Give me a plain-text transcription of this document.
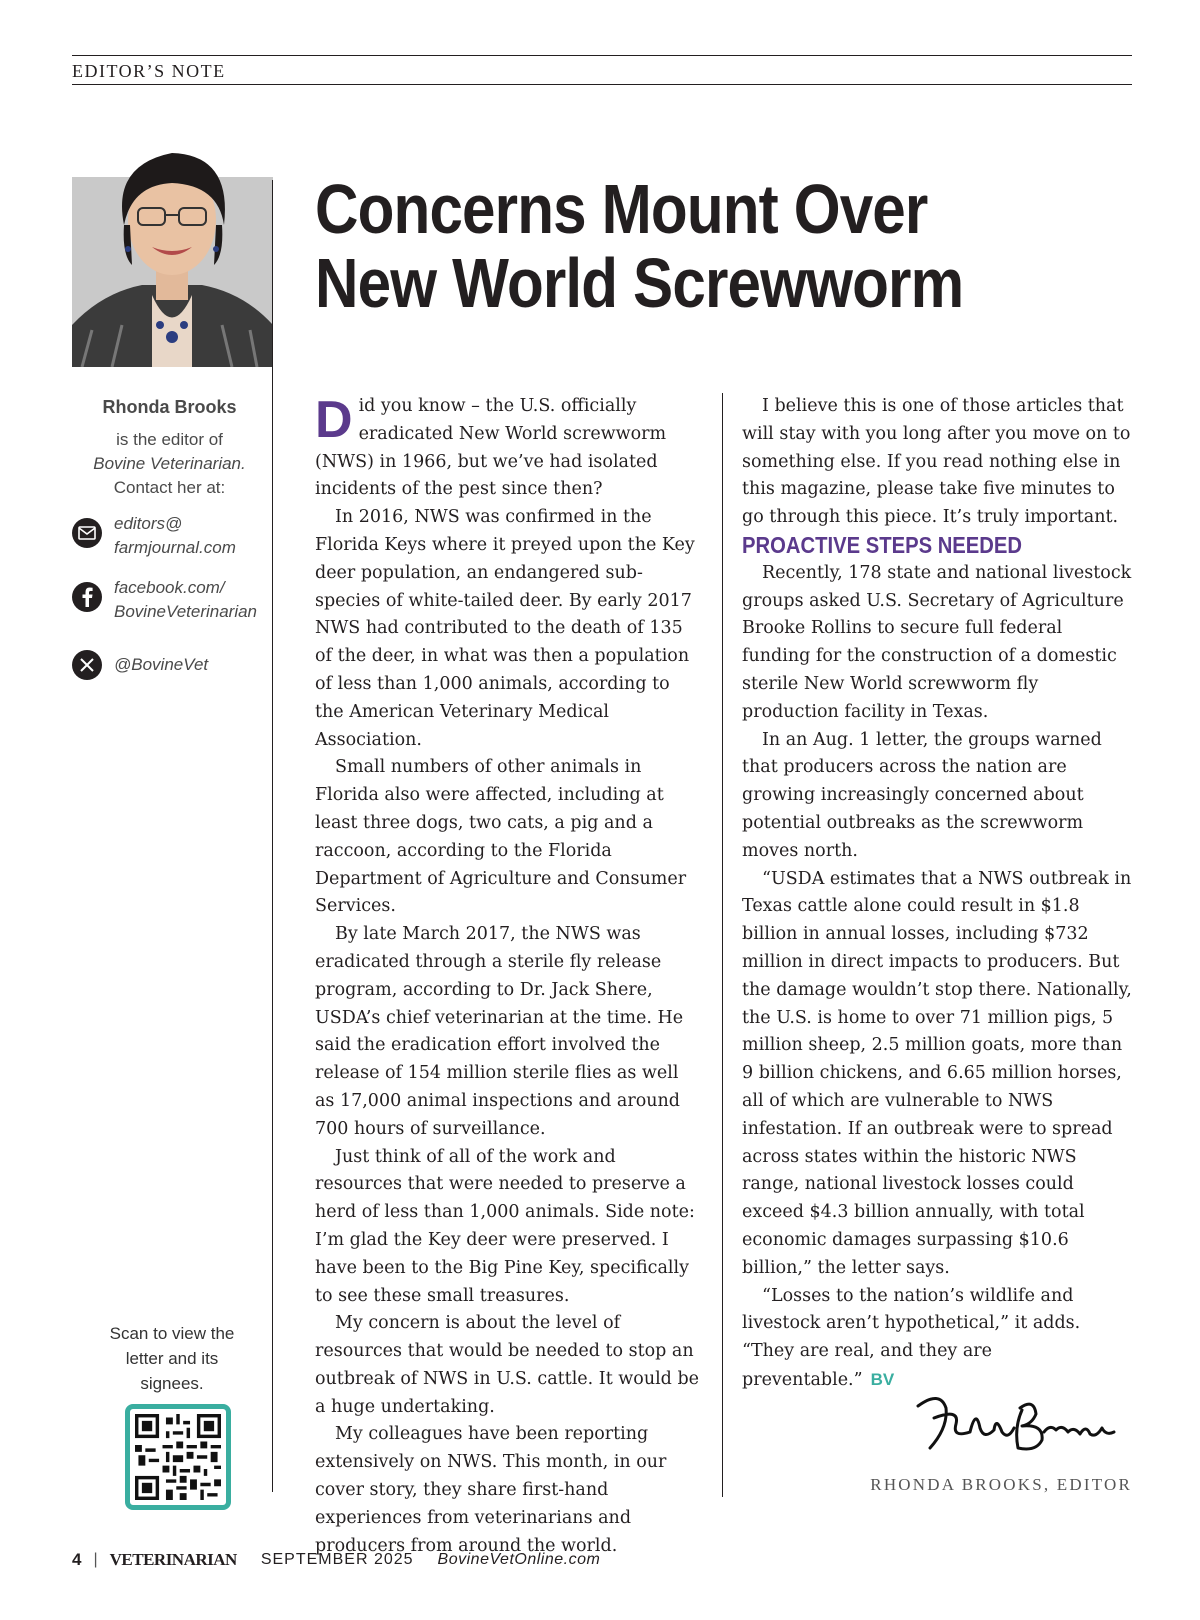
EDITOR’S NOTE
Rhonda Brooks
is the editor of
Bovine Veterinarian.
Contact her at:
editors@
farmjournal.com
facebook.com/
BovineVeterinarian
@BovineVet
Scan to view the
letter and its
signees.
Concerns Mount Over
New World Screwworm

Did you know – the U.S. officially eradicated New World screwworm (NWS) in 1966, but we’ve had isolated incidents of the pest since then?

In 2016, NWS was confirmed in the Florida Keys where it preyed upon the Key deer population, an endangered sub-species of white-tailed deer. By early 2017 NWS had contributed to the death of 135 of the deer, in what was then a population of less than 1,000 animals, according to the American Veterinary Medical Association.

Small numbers of other animals in Florida also were affected, including at least three dogs, two cats, a pig and a raccoon, according to the Florida Department of Agriculture and Consumer Services.

By late March 2017, the NWS was eradicated through a sterile fly release program, according to Dr. Jack Shere, USDA’s chief veterinarian at the time. He said the eradication effort involved the release of 154 million sterile flies as well as 17,000 animal inspections and around 700 hours of surveillance.

Just think of all of the work and resources that were needed to preserve a herd of less than 1,000 animals. Side note: I’m glad the Key deer were preserved. I have been to the Big Pine Key, specifically to see these small treasures.

My concern is about the level of resources that would be needed to stop an outbreak of NWS in U.S. cattle. It would be a huge undertaking.

My colleagues have been reporting extensively on NWS. This month, in our cover story, they share first-hand experiences from veterinarians and producers from around the world.

I believe this is one of those articles that will stay with you long after you move on to something else. If you read nothing else in this magazine, please take five minutes to go through this piece. It’s truly important.

PROACTIVE STEPS NEEDED

Recently, 178 state and national livestock groups asked U.S. Secretary of Agriculture Brooke Rollins to secure full federal funding for the construction of a domestic sterile New World screwworm fly production facility in Texas.

In an Aug. 1 letter, the groups warned that producers across the nation are growing increasingly concerned about potential outbreaks as the screwworm moves north.

“USDA estimates that a NWS outbreak in Texas cattle alone could result in $1.8 billion in annual losses, including $732 million in direct impacts to producers. But the damage wouldn’t stop there. Nationally, the U.S. is home to over 71 million pigs, 5 million sheep, 2.5 million goats, more than 9 billion chickens, and 6.65 million horses, all of which are vulnerable to NWS infestation. If an outbreak were to spread across states within the historic NWS range, national livestock losses could exceed $4.3 billion annually, with total economic damages surpassing $10.6 billion,” the letter says.

“Losses to the nation’s wildlife and livestock aren’t hypothetical,” it adds. “They are real, and they are preventable.” BV

RHONDA BROOKS, EDITOR
4 | VETERINARIAN SEPTEMBER 2025 BovineVetOnline.com
